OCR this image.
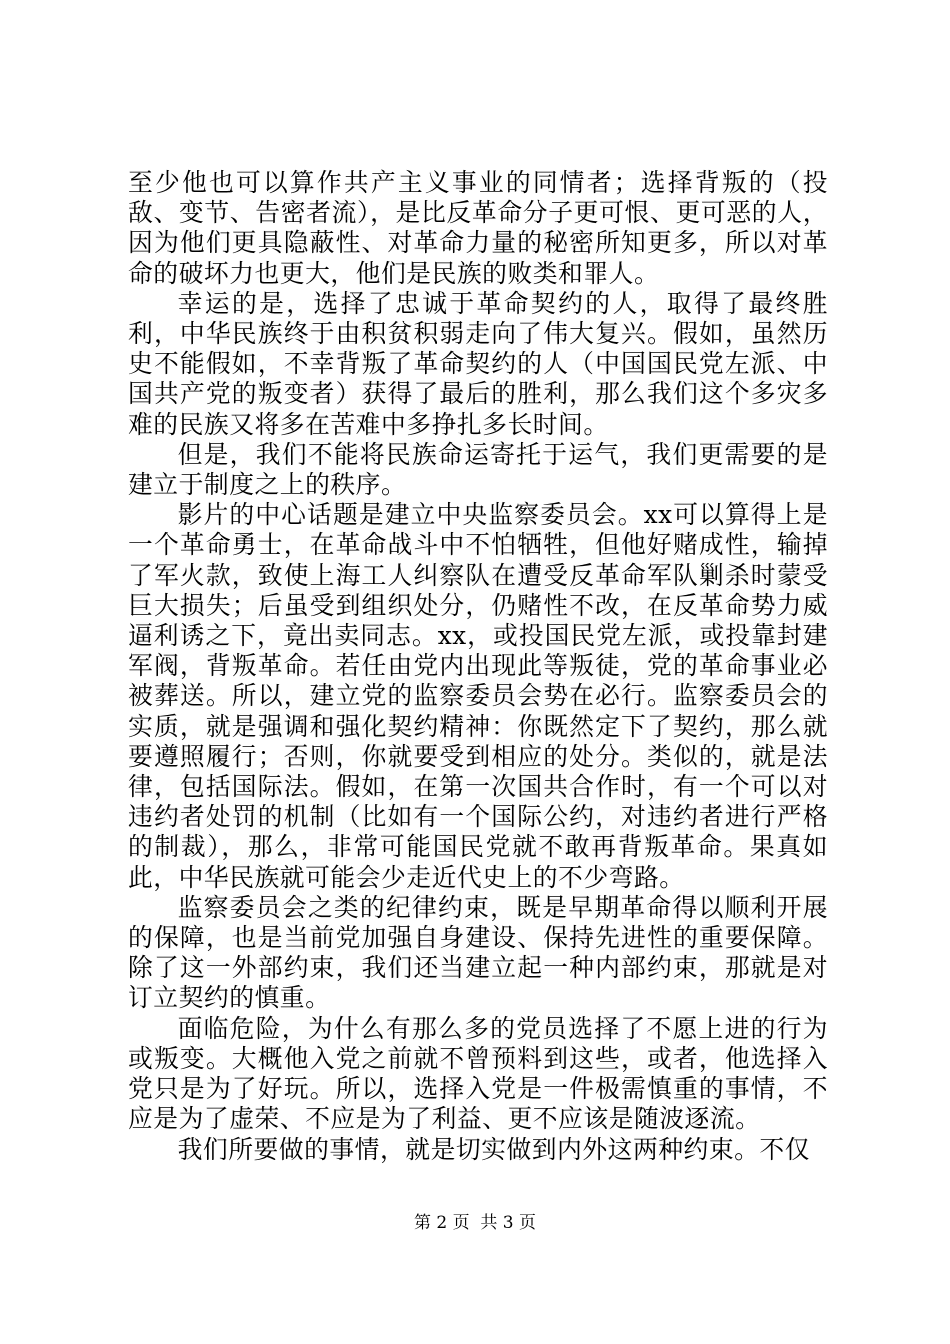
至少他也可以算作共产主义事业的同情者；选择背叛的（投敌、变节、告密者流），是比反革命分子更可恨、更可恶的人，因为他们更具隐蔽性、对革命力量的秘密所知更多，所以对革命的破坏力也更大，他们是民族的败类和罪人。

幸运的是，选择了忠诚于革命契约的人，取得了最终胜利，中华民族终于由积贫积弱走向了伟大复兴。假如，虽然历史不能假如，不幸背叛了革命契约的人（中国国民党左派、中国共产党的叛变者）获得了最后的胜利，那么我们这个多灾多难的民族又将多在苦难中多挣扎多长时间。

但是，我们不能将民族命运寄托于运气，我们更需要的是建立于制度之上的秩序。

影片的中心话题是建立中央监察委员会。xx可以算得上是一个革命勇士，在革命战斗中不怕牺牲，但他好赌成性，输掉了军火款，致使上海工人纠察队在遭受反革命军队剿杀时蒙受巨大损失；后虽受到组织处分，仍赌性不改，在反革命势力威逼利诱之下，竟出卖同志。xx，或投国民党左派，或投靠封建军阀，背叛革命。若任由党内出现此等叛徒，党的革命事业必被葬送。所以，建立党的监察委员会势在必行。监察委员会的实质，就是强调和强化契约精神：你既然定下了契约，那么就要遵照履行；否则，你就要受到相应的处分。类似的，就是法律，包括国际法。假如，在第一次国共合作时，有一个可以对违约者处罚的机制（比如有一个国际公约，对违约者进行严格的制裁），那么，非常可能国民党就不敢再背叛革命。果真如此，中华民族就可能会少走近代史上的不少弯路。

监察委员会之类的纪律约束，既是早期革命得以顺利开展的保障，也是当前党加强自身建设、保持先进性的重要保障。除了这一外部约束，我们还当建立起一种内部约束，那就是对订立契约的慎重。

面临危险，为什么有那么多的党员选择了不愿上进的行为或叛变。大概他入党之前就不曾预料到这些，或者，他选择入党只是为了好玩。所以，选择入党是一件极需慎重的事情，不应是为了虚荣、不应是为了利益、更不应该是随波逐流。

我们所要做的事情，就是切实做到内外这两种约束。不仅

第 2 页  共 3 页
